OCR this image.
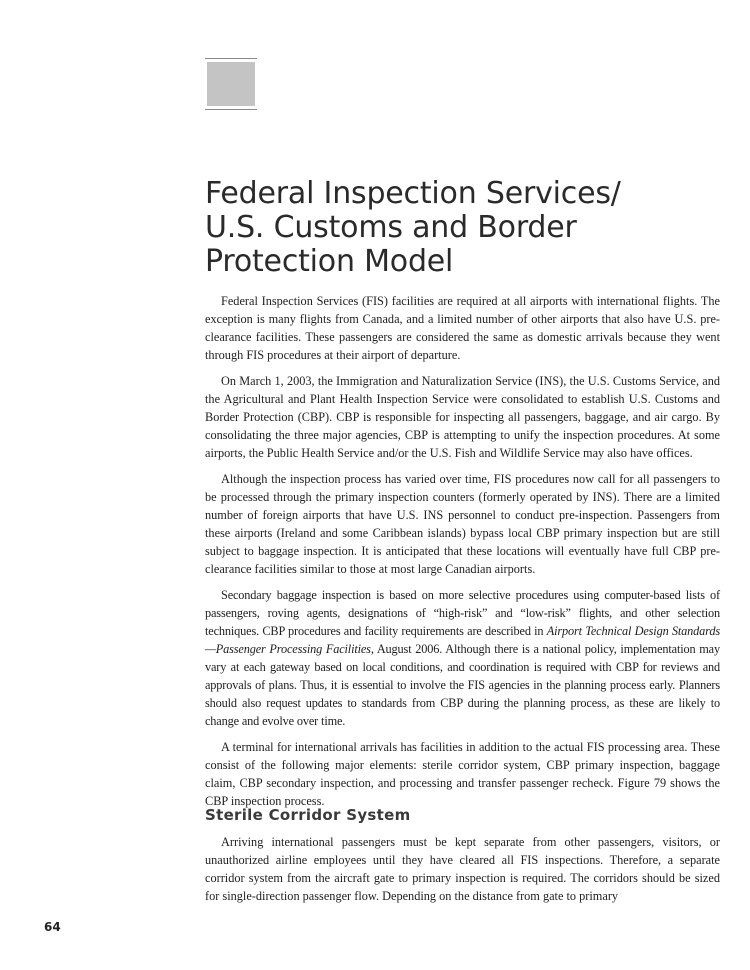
Federal Inspection Services/
U.S. Customs and Border
Protection Model

Federal Inspection Services (FIS) facilities are required at all airports with international flights. The exception is many flights from Canada, and a limited number of other airports that also have U.S. pre-clearance facilities. These passengers are considered the same as domestic arrivals because they went through FIS procedures at their airport of departure.

On March 1, 2003, the Immigration and Naturalization Service (INS), the U.S. Customs Service, and the Agricultural and Plant Health Inspection Service were consolidated to establish U.S. Customs and Border Protection (CBP). CBP is responsible for inspecting all passengers, baggage, and air cargo. By consolidating the three major agencies, CBP is attempting to unify the inspection procedures. At some airports, the Public Health Service and/or the U.S. Fish and Wildlife Service may also have offices.

Although the inspection process has varied over time, FIS procedures now call for all passengers to be processed through the primary inspection counters (formerly operated by INS). There are a limited number of foreign airports that have U.S. INS personnel to conduct pre-inspection. Passengers from these airports (Ireland and some Caribbean islands) bypass local CBP primary inspection but are still subject to baggage inspection. It is anticipated that these locations will eventually have full CBP pre-clearance facilities similar to those at most large Canadian airports.

Secondary baggage inspection is based on more selective procedures using computer-based lists of passengers, roving agents, designations of “high-risk” and “low-risk” flights, and other selection techniques. CBP procedures and facility requirements are described in Airport Technical Design Standards—Passenger Processing Facilities, August 2006. Although there is a national policy, implementation may vary at each gateway based on local conditions, and coordination is required with CBP for reviews and approvals of plans. Thus, it is essential to involve the FIS agencies in the planning process early. Planners should also request updates to standards from CBP during the planning process, as these are likely to change and evolve over time.

A terminal for international arrivals has facilities in addition to the actual FIS processing area. These consist of the following major elements: sterile corridor system, CBP primary inspection, baggage claim, CBP secondary inspection, and processing and transfer passenger recheck. Figure 79 shows the CBP inspection process.

Sterile Corridor System

Arriving international passengers must be kept separate from other passengers, visitors, or unauthorized airline employees until they have cleared all FIS inspections. Therefore, a separate corridor system from the aircraft gate to primary inspection is required. The corridors should be sized for single-direction passenger flow. Depending on the distance from gate to primary

64
